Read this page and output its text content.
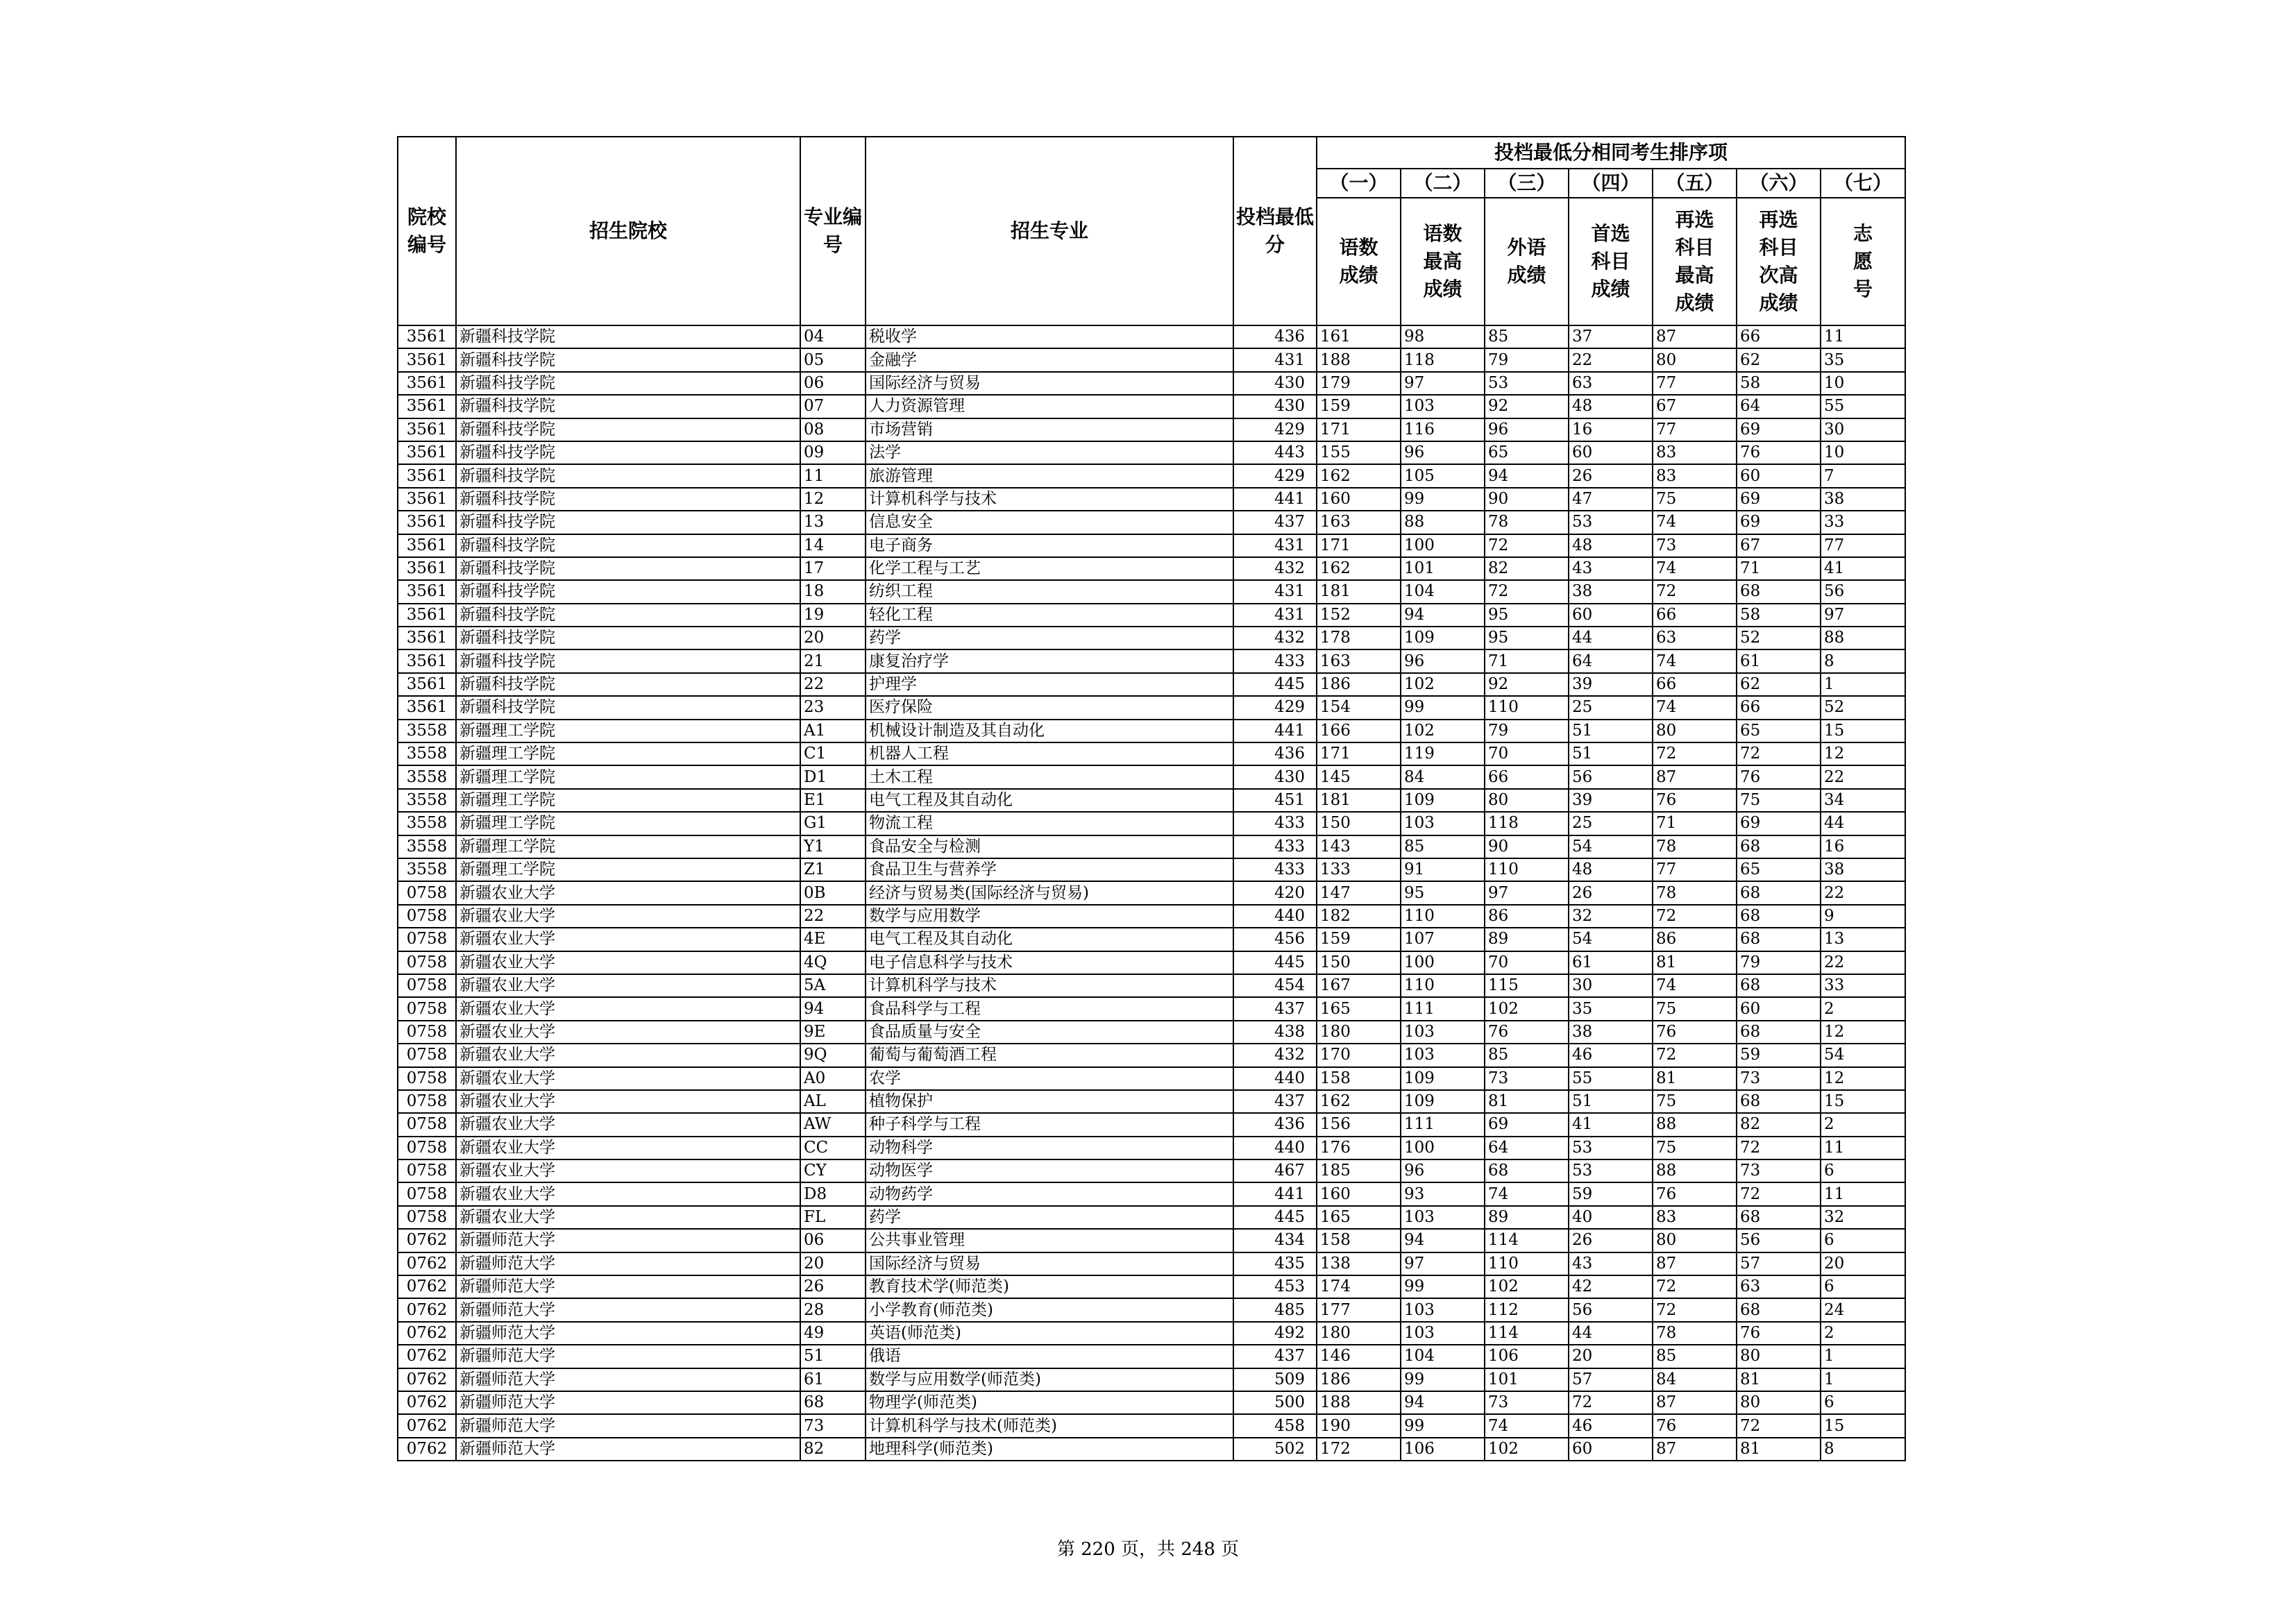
院校编号	招生院校	专业编号	招生专业	投档最低分	投档最低分相同考生排序项						
					（一）	（二）	（三）	（四）	（五）	（六）	（七）
					语数成绩	语数最高成绩	外语成绩	首选科目成绩	再选科目最高成绩	再选科目次高成绩	志愿号
3561	新疆科技学院	04	税收学	436	161	98	85	37	87	66	11
3561	新疆科技学院	05	金融学	431	188	118	79	22	80	62	35
3561	新疆科技学院	06	国际经济与贸易	430	179	97	53	63	77	58	10
3561	新疆科技学院	07	人力资源管理	430	159	103	92	48	67	64	55
3561	新疆科技学院	08	市场营销	429	171	116	96	16	77	69	30
3561	新疆科技学院	09	法学	443	155	96	65	60	83	76	10
3561	新疆科技学院	11	旅游管理	429	162	105	94	26	83	60	7
3561	新疆科技学院	12	计算机科学与技术	441	160	99	90	47	75	69	38
3561	新疆科技学院	13	信息安全	437	163	88	78	53	74	69	33
3561	新疆科技学院	14	电子商务	431	171	100	72	48	73	67	77
3561	新疆科技学院	17	化学工程与工艺	432	162	101	82	43	74	71	41
3561	新疆科技学院	18	纺织工程	431	181	104	72	38	72	68	56
3561	新疆科技学院	19	轻化工程	431	152	94	95	60	66	58	97
3561	新疆科技学院	20	药学	432	178	109	95	44	63	52	88
3561	新疆科技学院	21	康复治疗学	433	163	96	71	64	74	61	8
3561	新疆科技学院	22	护理学	445	186	102	92	39	66	62	1
3561	新疆科技学院	23	医疗保险	429	154	99	110	25	74	66	52
3558	新疆理工学院	A1	机械设计制造及其自动化	441	166	102	79	51	80	65	15
3558	新疆理工学院	C1	机器人工程	436	171	119	70	51	72	72	12
3558	新疆理工学院	D1	土木工程	430	145	84	66	56	87	76	22
3558	新疆理工学院	E1	电气工程及其自动化	451	181	109	80	39	76	75	34
3558	新疆理工学院	G1	物流工程	433	150	103	118	25	71	69	44
3558	新疆理工学院	Y1	食品安全与检测	433	143	85	90	54	78	68	16
3558	新疆理工学院	Z1	食品卫生与营养学	433	133	91	110	48	77	65	38
0758	新疆农业大学	0B	经济与贸易类(国际经济与贸易)	420	147	95	97	26	78	68	22
0758	新疆农业大学	22	数学与应用数学	440	182	110	86	32	72	68	9
0758	新疆农业大学	4E	电气工程及其自动化	456	159	107	89	54	86	68	13
0758	新疆农业大学	4Q	电子信息科学与技术	445	150	100	70	61	81	79	22
0758	新疆农业大学	5A	计算机科学与技术	454	167	110	115	30	74	68	33
0758	新疆农业大学	94	食品科学与工程	437	165	111	102	35	75	60	2
0758	新疆农业大学	9E	食品质量与安全	438	180	103	76	38	76	68	12
0758	新疆农业大学	9Q	葡萄与葡萄酒工程	432	170	103	85	46	72	59	54
0758	新疆农业大学	A0	农学	440	158	109	73	55	81	73	12
0758	新疆农业大学	AL	植物保护	437	162	109	81	51	75	68	15
0758	新疆农业大学	AW	种子科学与工程	436	156	111	69	41	88	82	2
0758	新疆农业大学	CC	动物科学	440	176	100	64	53	75	72	11
0758	新疆农业大学	CY	动物医学	467	185	96	68	53	88	73	6
0758	新疆农业大学	D8	动物药学	441	160	93	74	59	76	72	11
0758	新疆农业大学	FL	药学	445	165	103	89	40	83	68	32
0762	新疆师范大学	06	公共事业管理	434	158	94	114	26	80	56	6
0762	新疆师范大学	20	国际经济与贸易	435	138	97	110	43	87	57	20
0762	新疆师范大学	26	教育技术学(师范类)	453	174	99	102	42	72	63	6
0762	新疆师范大学	28	小学教育(师范类)	485	177	103	112	56	72	68	24
0762	新疆师范大学	49	英语(师范类)	492	180	103	114	44	78	76	2
0762	新疆师范大学	51	俄语	437	146	104	106	20	85	80	1
0762	新疆师范大学	61	数学与应用数学(师范类)	509	186	99	101	57	84	81	1
0762	新疆师范大学	68	物理学(师范类)	500	188	94	73	72	87	80	6
0762	新疆师范大学	73	计算机科学与技术(师范类)	458	190	99	74	46	76	72	15
0762	新疆师范大学	82	地理科学(师范类)	502	172	106	102	60	87	81	8
第 220 页，共 248 页
